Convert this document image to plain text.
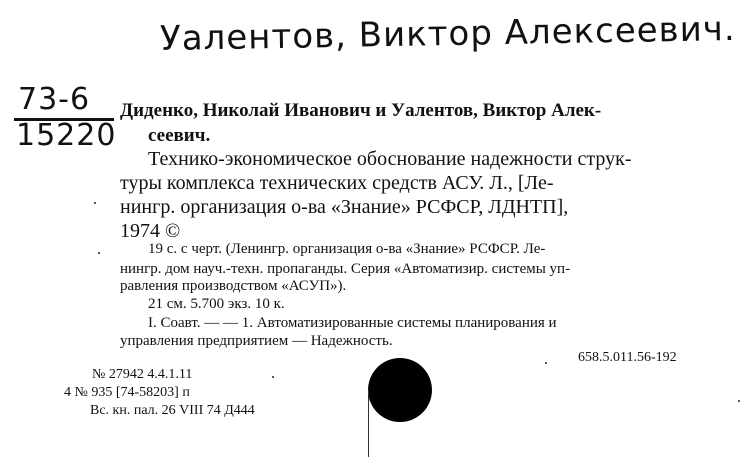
Уалентов, Виктор Алексеевич.
73-6
15220
Диденко, Николай Иванович и Уалентов, Виктор Алек-
сеевич.
Технико-экономическое обоснование надежности струк-
туры комплекса технических средств АСУ. Л., [Ле-
нингр. организация о-ва «Знание» РСФСР, ЛДНТП],
1974 ©
19 с. с черт. (Ленингр. организация о-ва «Знание» РСФСР. Ле-
нингр. дом науч.-техн. пропаганды. Серия «Автоматизир. системы уп-
равления производством «АСУП»).
21 см. 5.700 экз. 10 к.
I. Соавт. — — 1. Автоматизированные системы планирования и
управления предприятием — Надежность.
658.5.011.56-192
№ 27942 4.4.1.11
4 № 935 [74-58203] п
Вс. кн. пал. 26 VIII 74 Д444
